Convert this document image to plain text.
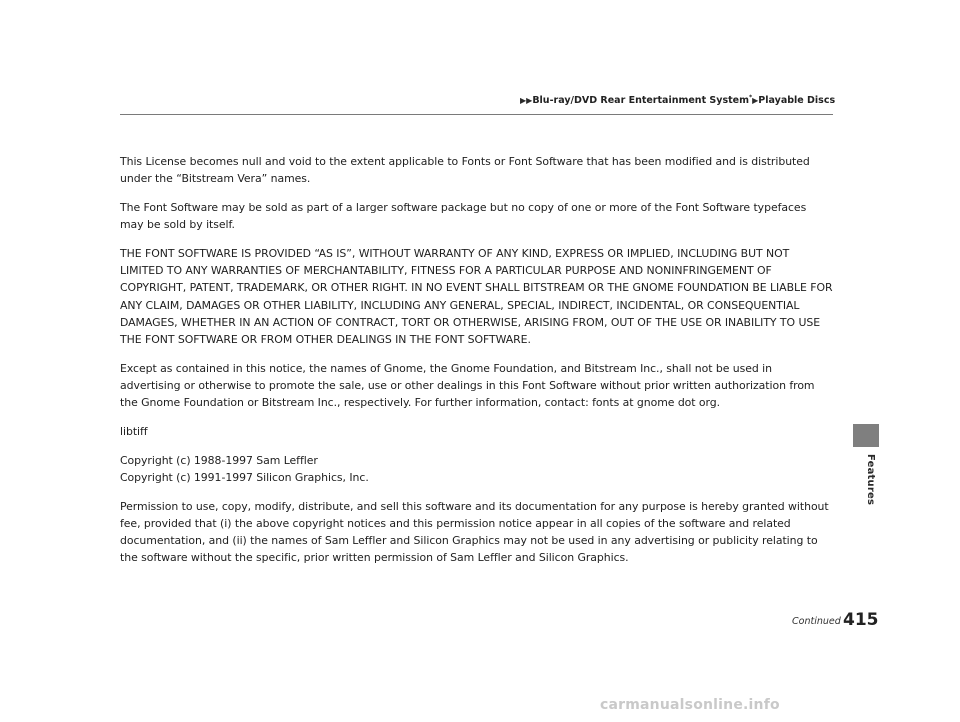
▶▶Blu-ray/DVD Rear Entertainment System*▶Playable Discs
Features

This License becomes null and void to the extent applicable to Fonts or Font Software that has been modified and is distributed under the “Bitstream Vera” names.

The Font Software may be sold as part of a larger software package but no copy of one or more of the Font Software typefaces may be sold by itself.

THE FONT SOFTWARE IS PROVIDED “AS IS”, WITHOUT WARRANTY OF ANY KIND, EXPRESS OR IMPLIED, INCLUDING BUT NOT LIMITED TO ANY WARRANTIES OF MERCHANTABILITY, FITNESS FOR A PARTICULAR PURPOSE AND NONINFRINGEMENT OF COPYRIGHT, PATENT, TRADEMARK, OR OTHER RIGHT. IN NO EVENT SHALL BITSTREAM OR THE GNOME FOUNDATION BE LIABLE FOR ANY CLAIM, DAMAGES OR OTHER LIABILITY, INCLUDING ANY GENERAL, SPECIAL, INDIRECT, INCIDENTAL, OR CONSEQUENTIAL DAMAGES, WHETHER IN AN ACTION OF CONTRACT, TORT OR OTHERWISE, ARISING FROM, OUT OF THE USE OR INABILITY TO USE THE FONT SOFTWARE OR FROM OTHER DEALINGS IN THE FONT SOFTWARE.

Except as contained in this notice, the names of Gnome, the Gnome Foundation, and Bitstream Inc., shall not be used in advertising or otherwise to promote the sale, use or other dealings in this Font Software without prior written authorization from the Gnome Foundation or Bitstream Inc., respectively. For further information, contact: fonts at gnome dot org.

libtiff

Copyright (c) 1988-1997 Sam Leffler

Copyright (c) 1991-1997 Silicon Graphics, Inc.

Permission to use, copy, modify, distribute, and sell this software and its documentation for any purpose is hereby granted without fee, provided that (i) the above copyright notices and this permission notice appear in all copies of the software and related documentation, and (ii) the names of Sam Leffler and Silicon Graphics may not be used in any advertising or publicity relating to the software without the specific, prior written permission of Sam Leffler and Silicon Graphics.

Continued 415
carmanualsonline.info
